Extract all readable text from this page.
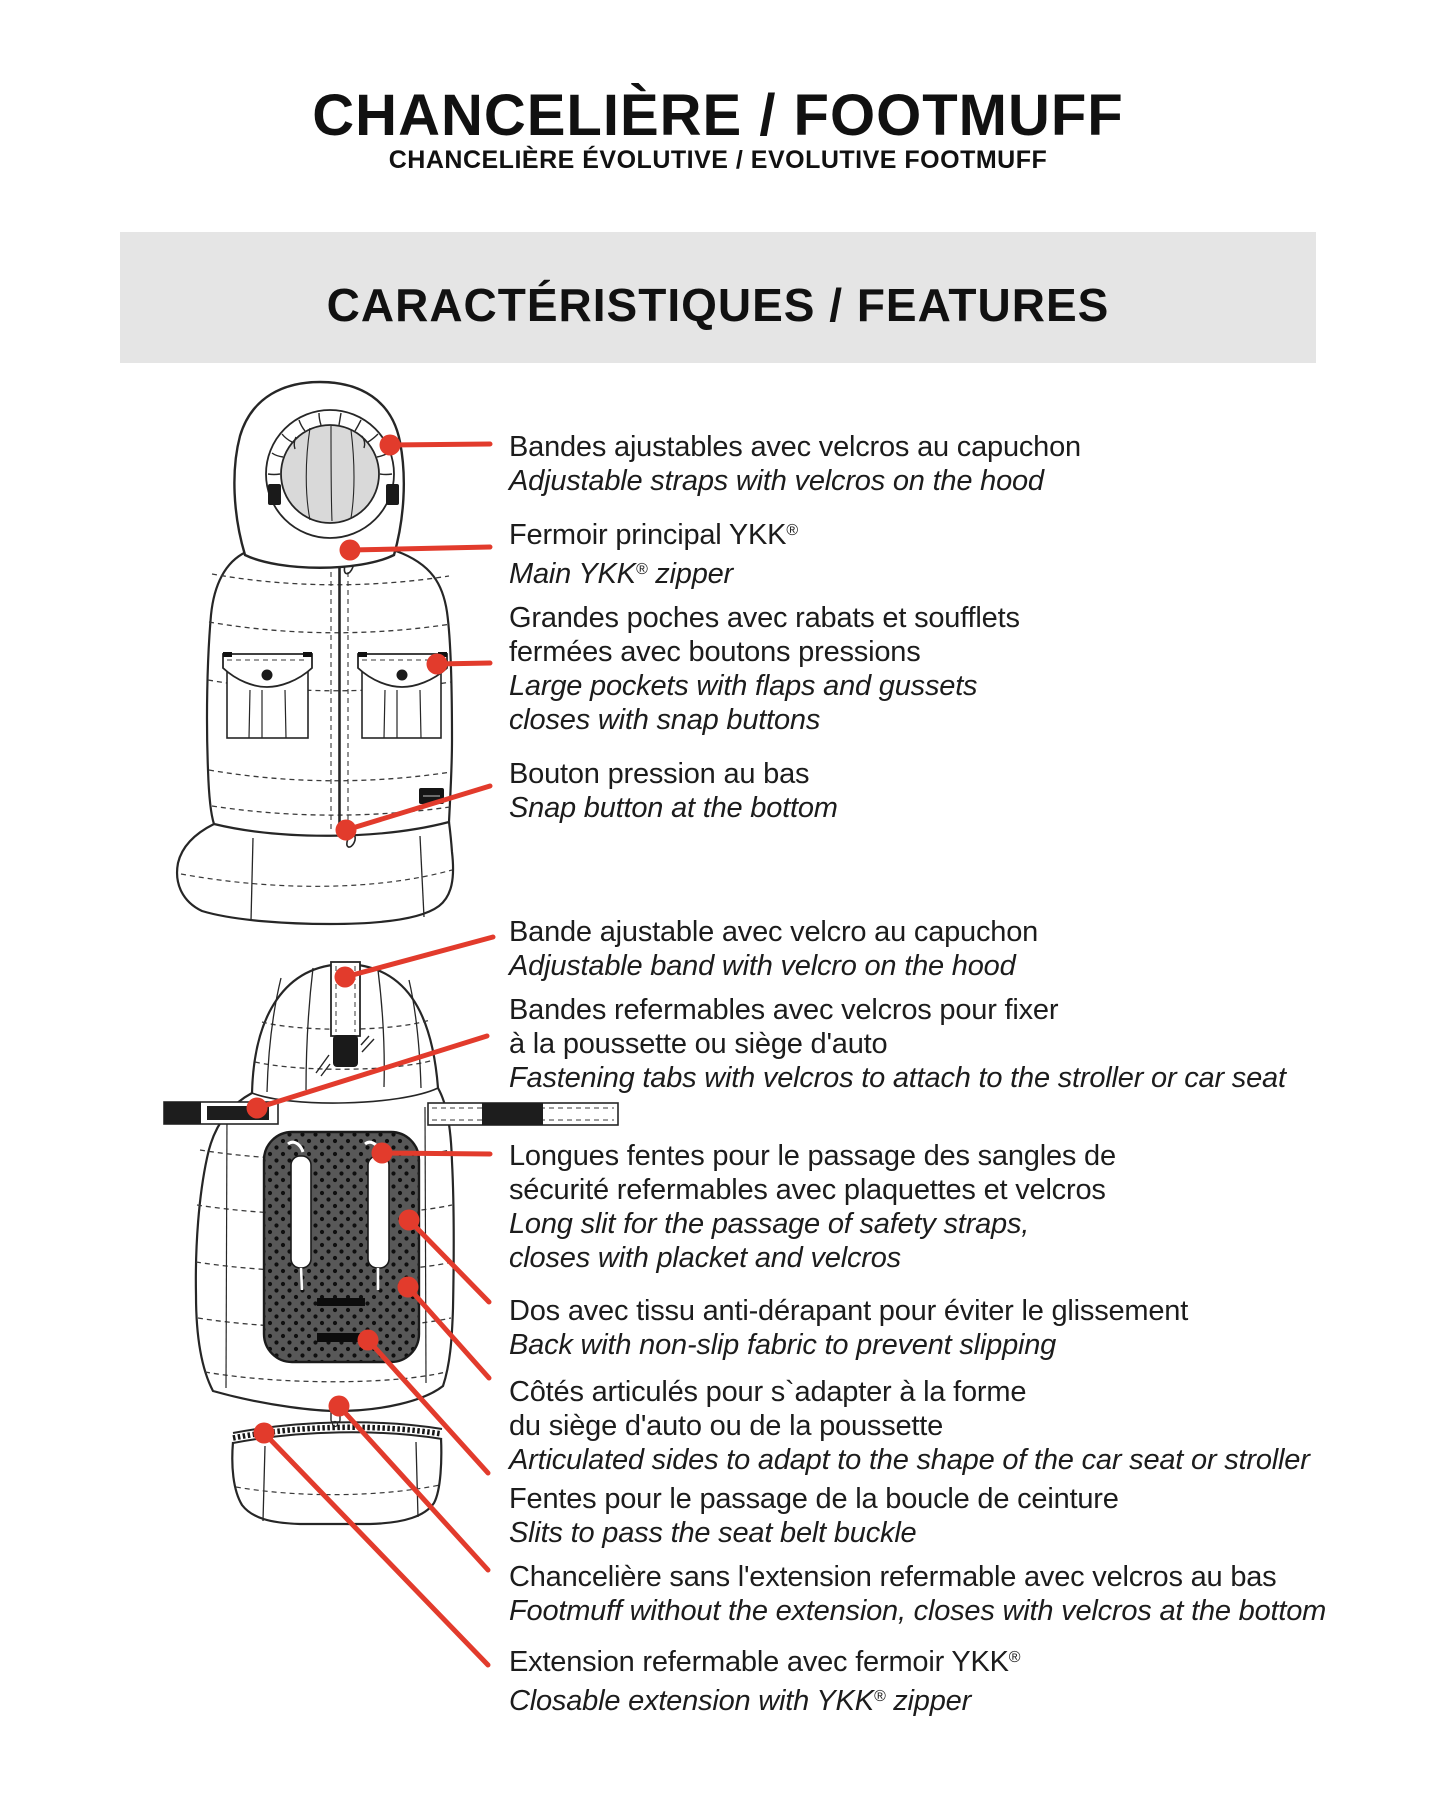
CHANCELIÈRE / FOOTMUFF
CHANCELIÈRE ÉVOLUTIVE / EVOLUTIVE FOOTMUFF
CARACTÉRISTIQUES / FEATURES
Bandes ajustables avec velcros au capuchon
Adjustable straps with velcros on the hood
Fermoir principal YKK®
Main YKK® zipper
Grandes poches avec rabats et soufflets
fermées avec boutons pressions
Large pockets with flaps and gussets
closes with snap buttons
Bouton pression au bas
Snap button at the bottom
Bande ajustable avec velcro au capuchon
Adjustable band with velcro on the hood
Bandes refermables avec velcros pour fixer
à la poussette ou siège d'auto
Fastening tabs with velcros to attach to the stroller or car seat
Longues fentes pour le passage des sangles de
sécurité refermables avec plaquettes et velcros
Long slit for the passage of safety straps,
closes with placket and velcros
Dos avec tissu anti-dérapant pour éviter le glissement
Back with non-slip fabric to prevent slipping
Côtés articulés pour s`adapter à la forme
du siège d'auto ou de la poussette
Articulated sides to adapt to the shape of the car seat or stroller
Fentes pour le passage de la boucle de ceinture
Slits to pass the seat belt buckle
Chancelière sans l'extension refermable avec velcros au bas
Footmuff without the extension, closes with velcros at the bottom
Extension refermable avec fermoir YKK®
Closable extension with YKK® zipper
